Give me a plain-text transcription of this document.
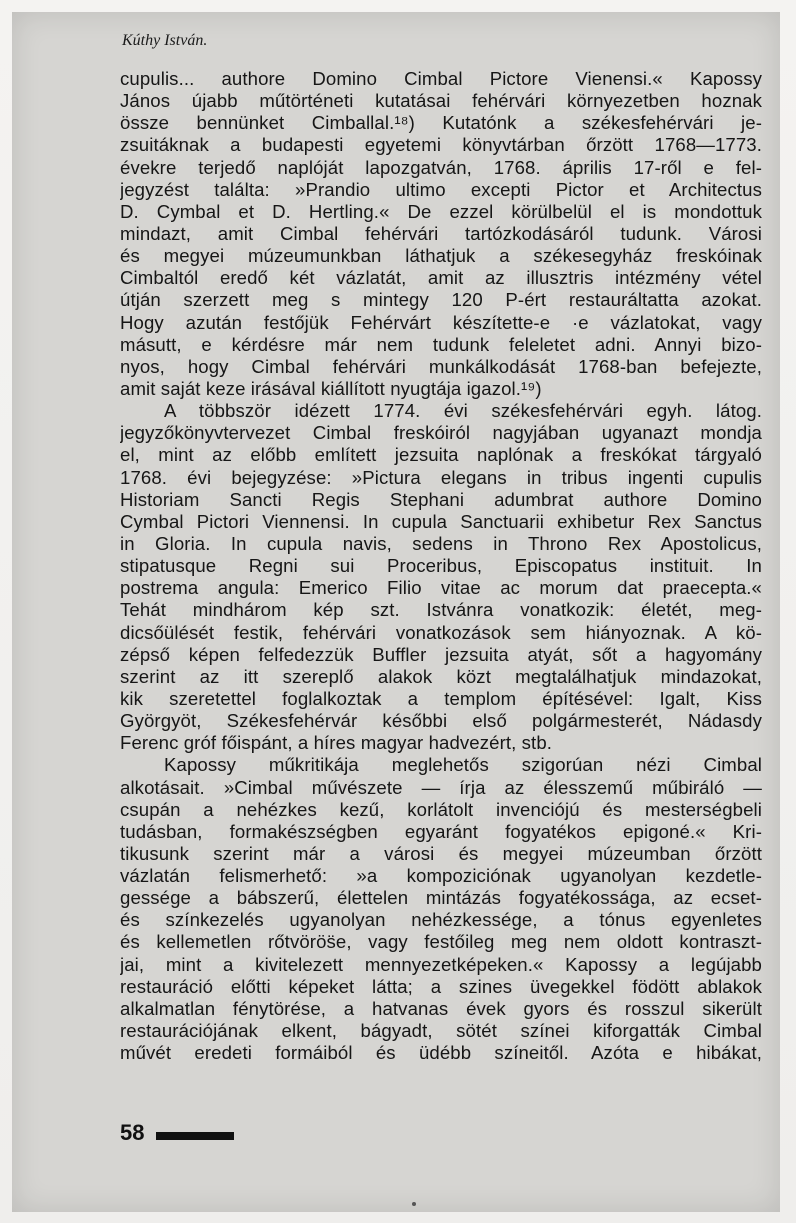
Kúthy István.
cupulis... authore Domino Cimbal Pictore Vienensi.« Kapossy
János újabb műtörténeti kutatásai fehérvári környezetben hoznak
össze bennünket Cimballal.¹⁸) Kutatónk a székesfehérvári je-
zsuitáknak a budapesti egyetemi könyvtárban őrzött 1768—1773.
évekre terjedő naplóját lapozgatván, 1768. április 17-ről e fel-
jegyzést találta: »Prandio ultimo excepti Pictor et Architectus
D. Cymbal et D. Hertling.« De ezzel körülbelül el is mondottuk
mindazt, amit Cimbal fehérvári tartózkodásáról tudunk. Városi
és megyei múzeumunkban láthatjuk a székesegyház freskóinak
Cimbaltól eredő két vázlatát, amit az illusztris intézmény vétel
útján szerzett meg s mintegy 120 P-ért restauráltatta azokat.
Hogy azután festőjük Fehérvárt készítette-e ·e vázlatokat, vagy
másutt, e kérdésre már nem tudunk feleletet adni. Annyi bizo-
nyos, hogy Cimbal fehérvári munkálkodását 1768-ban befejezte,
amit saját keze irásával kiállított nyugtája igazol.¹⁹)
A többször idézett 1774. évi székesfehérvári egyh. látog.
jegyzőkönyvtervezet Cimbal freskóiról nagyjában ugyanazt mondja
el, mint az előbb említett jezsuita naplónak a freskókat tárgyaló
1768. évi bejegyzése: »Pictura elegans in tribus ingenti cupulis
Historiam Sancti Regis Stephani adumbrat authore Domino
Cymbal Pictori Viennensi. In cupula Sanctuarii exhibetur Rex Sanctus
in Gloria. In cupula navis, sedens in Throno Rex Apostolicus,
stipatusque Regni sui Proceribus, Episcopatus instituit. In
postrema angula: Emerico Filio vitae ac morum dat praecepta.«
Tehát mindhárom kép szt. Istvánra vonatkozik: életét, meg-
dicsőülését festik, fehérvári vonatkozások sem hiányoznak. A kö-
zépső képen felfedezzük Buffler jezsuita atyát, sőt a hagyomány
szerint az itt szereplő alakok közt megtalálhatjuk mindazokat,
kik szeretettel foglalkoztak a templom építésével: Igalt, Kiss
Györgyöt, Székesfehérvár későbbi első polgármesterét, Nádasdy
Ferenc gróf főispánt, a híres magyar hadvezért, stb.
Kapossy műkritikája meglehetős szigorúan nézi Cimbal
alkotásait. »Cimbal művészete — írja az élesszemű műbiráló —
csupán a nehézkes kezű, korlátolt invenciójú és mesterségbeli
tudásban, formakészségben egyaránt fogyatékos epigoné.« Kri-
tikusunk szerint már a városi és megyei múzeumban őrzött
vázlatán felismerhető: »a kompoziciónak ugyanolyan kezdetle-
gessége a bábszerű, élettelen mintázás fogyatékossága, az ecset-
és színkezelés ugyanolyan nehézkessége, a tónus egyenletes
és kellemetlen rőtvörös̈e, vagy festőileg meg nem oldott kontraszt-
jai, mint a kivitelezett mennyezetképeken.« Kapossy a legújabb
restauráció előtti képeket látta; a szines üvegekkel födött ablakok
alkalmatlan fénytörése, a hatvanas évek gyors és rosszul sikerült
restaurációjának elkent, bágyadt, sötét színei kiforgatták Cimbal
művét eredeti formáiból és üdébb színeitől. Azóta e hibákat,
58
